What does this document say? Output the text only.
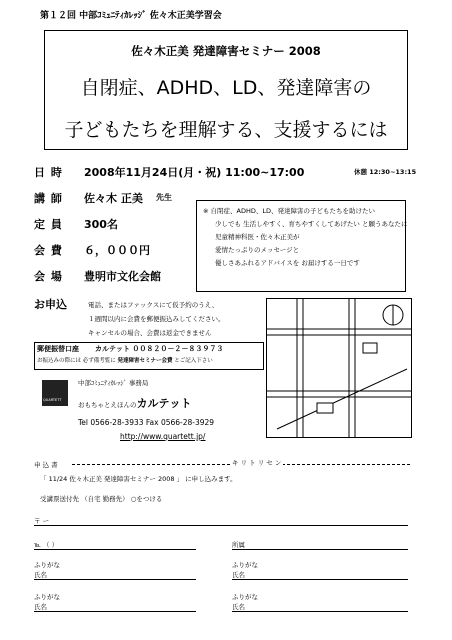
第１２回 中部ｺﾐｭﾆﾃｨｶﾚｯｼﾞ 佐々木正美学習会
佐々木正美 発達障害セミナー 2008
自閉症、ADHD、LD、発達障害の
子どもたちを理解する、支援するには
日 時 2008年11月24日(月・祝) 11:00~17:00	休憩 12:30~13:15
講 師 佐々木 正美 先生
定 員 300名
会 費 ６，０００円
会 場 豊明市文化会館
※ 自閉症、ADHD、LD、発達障害の子どもたちを助けたい
少しでも 生活しやすく、育ちやすくしてあげたい と願うあなたに
児童精神科医・佐々木正美が
愛情たっぷりのメッセージと
優しさあふれるアドバイスを お届けする一日です
お申込	電話、またはファックスにて仮予約のうえ、
１週間以内に会費を郵便振込みしてください。
キャンセルの場合、会費は返金できません
郵便振替口座 カルテット ００８２０－２－８３９７３
お振込みの際には 必ず備考覧に 発達障害セミナー会費 とご記入下さい
中部ｺﾐｭﾆﾃｨｶﾚｯｼﾞ 事務局
QUARTETT
おもちゃとえほんのカルテット
Tel 0566-28-3933 Fax 0566-28-3929
http://www.quartett.jp/
申 込 書	キ リ ト リ セ ン
「 11/24 佐々木正美 発達障害セミナー 2008 」 に申し込みます。
受講票送付先 （自宅 勤務先） ○をつける
〒 ー
℡ （ ）	所属
ふりがな
氏名
ふりがな
氏名
ふりがな
氏名
ふりがな
氏名
